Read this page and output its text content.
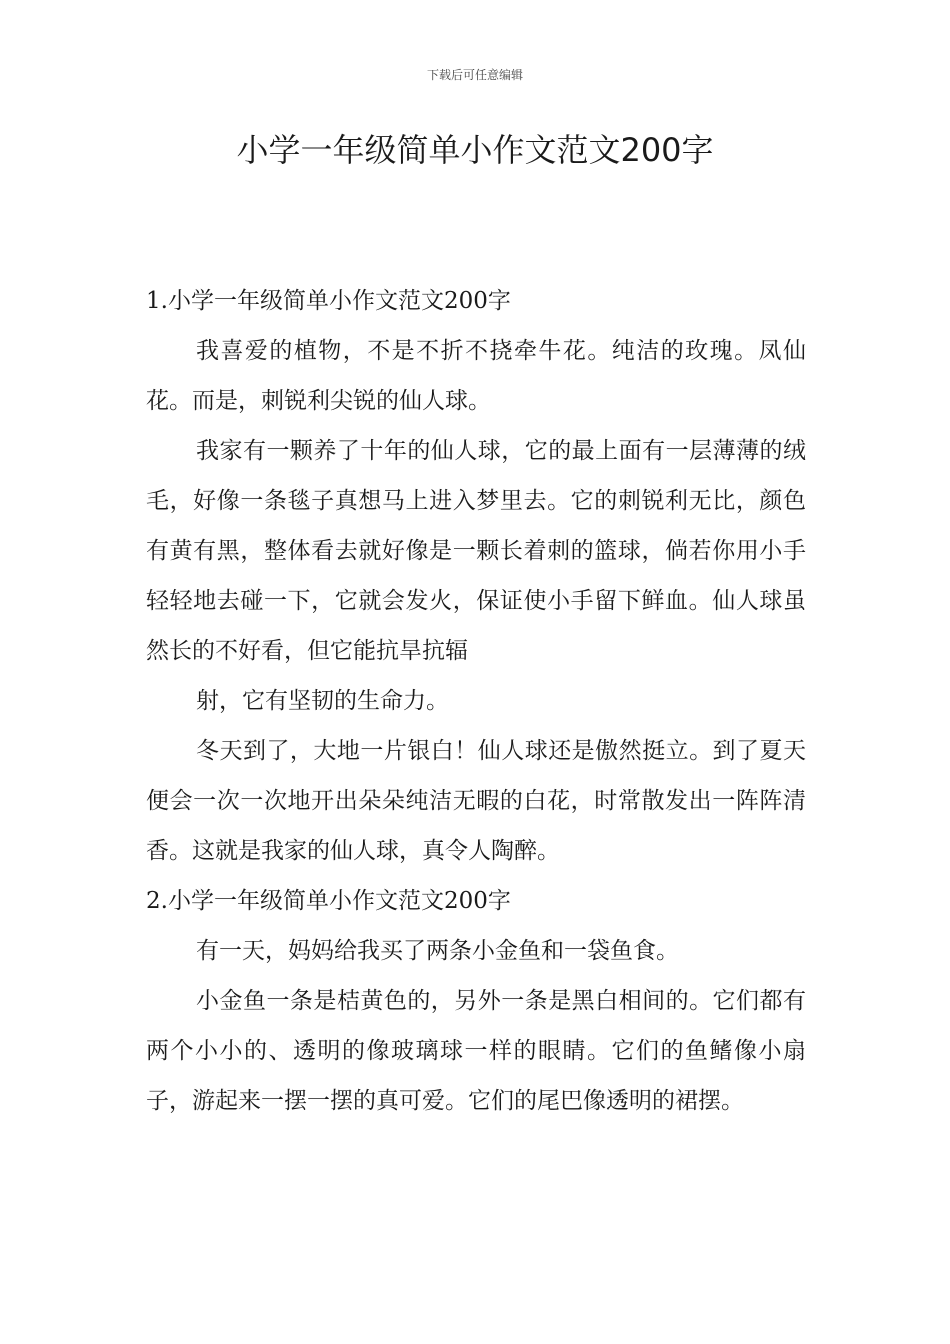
下载后可任意编辑
小学一年级简单小作文范文200字

1.小学一年级简单小作文范文200字

我喜爱的植物，不是不折不挠牵牛花。纯洁的玫瑰。凤仙花。而是，刺锐利尖锐的仙人球。

我家有一颗养了十年的仙人球，它的最上面有一层薄薄的绒毛，好像一条毯子真想马上进入梦里去。它的刺锐利无比，颜色有黄有黑，整体看去就好像是一颗长着刺的篮球，倘若你用小手轻轻地去碰一下，它就会发火，保证使小手留下鲜血。仙人球虽然长的不好看，但它能抗旱抗辐

射，它有坚韧的生命力。

冬天到了，大地一片银白！仙人球还是傲然挺立。到了夏天便会一次一次地开出朵朵纯洁无暇的白花，时常散发出一阵阵清香。这就是我家的仙人球，真令人陶醉。

2.小学一年级简单小作文范文200字

有一天，妈妈给我买了两条小金鱼和一袋鱼食。

小金鱼一条是桔黄色的，另外一条是黑白相间的。它们都有两个小小的、透明的像玻璃球一样的眼睛。它们的鱼鳍像小扇子，游起来一摆一摆的真可爱。它们的尾巴像透明的裙摆。
